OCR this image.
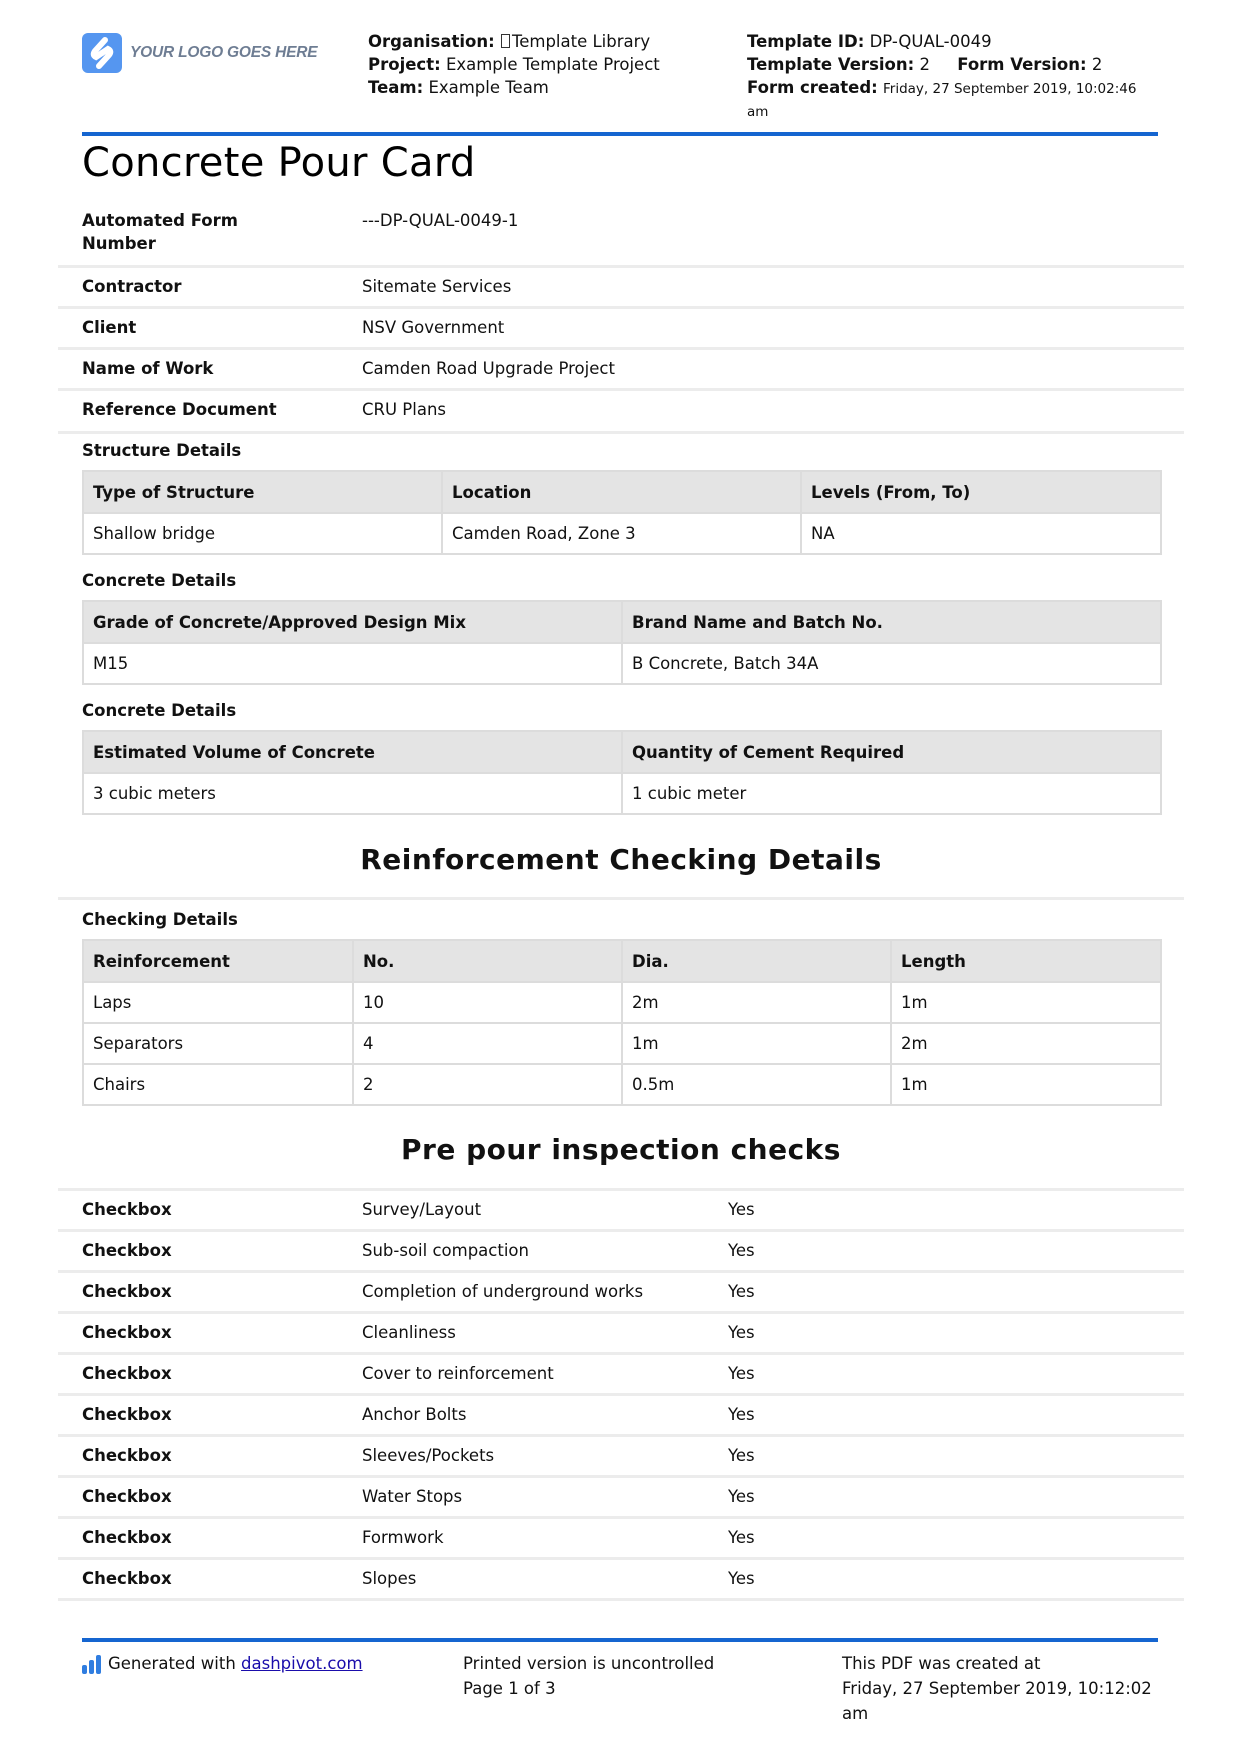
YOUR LOGO GOES HERE
Organisation: Template Library
Project: Example Template Project
Team: Example Team
Template ID: DP-QUAL-0049
Template Version: 2 Form Version: 2
Form created: Friday, 27 September 2019, 10:02:46
am
Concrete Pour Card
Automated Form
Number
---DP-QUAL-0049-1
Contractor	Sitemate Services
Client	NSV Government
Name of Work	Camden Road Upgrade Project
Reference Document	CRU Plans
Structure Details
Type of Structure	Location	Levels (From, To)
Shallow bridge	Camden Road, Zone 3	NA
Concrete Details
Grade of Concrete/Approved Design Mix	Brand Name and Batch No.
M15	B Concrete, Batch 34A
Concrete Details
Estimated Volume of Concrete	Quantity of Cement Required
3 cubic meters	1 cubic meter
Reinforcement Checking Details
Checking Details
Reinforcement	No.	Dia.	Length
Laps	10	2m	1m
Separators	4	1m	2m
Chairs	2	0.5m	1m
Pre pour inspection checks
Checkbox	Survey/Layout	Yes
Checkbox	Sub-soil compaction	Yes
Checkbox	Completion of underground works	Yes
Checkbox	Cleanliness	Yes
Checkbox	Cover to reinforcement	Yes
Checkbox	Anchor Bolts	Yes
Checkbox	Sleeves/Pockets	Yes
Checkbox	Water Stops	Yes
Checkbox	Formwork	Yes
Checkbox	Slopes	Yes
Generated with
dashpivot.com	Printed version is uncontrolled
Page 1 of 3
This PDF was created at
Friday, 27 September 2019, 10:12:02
am
